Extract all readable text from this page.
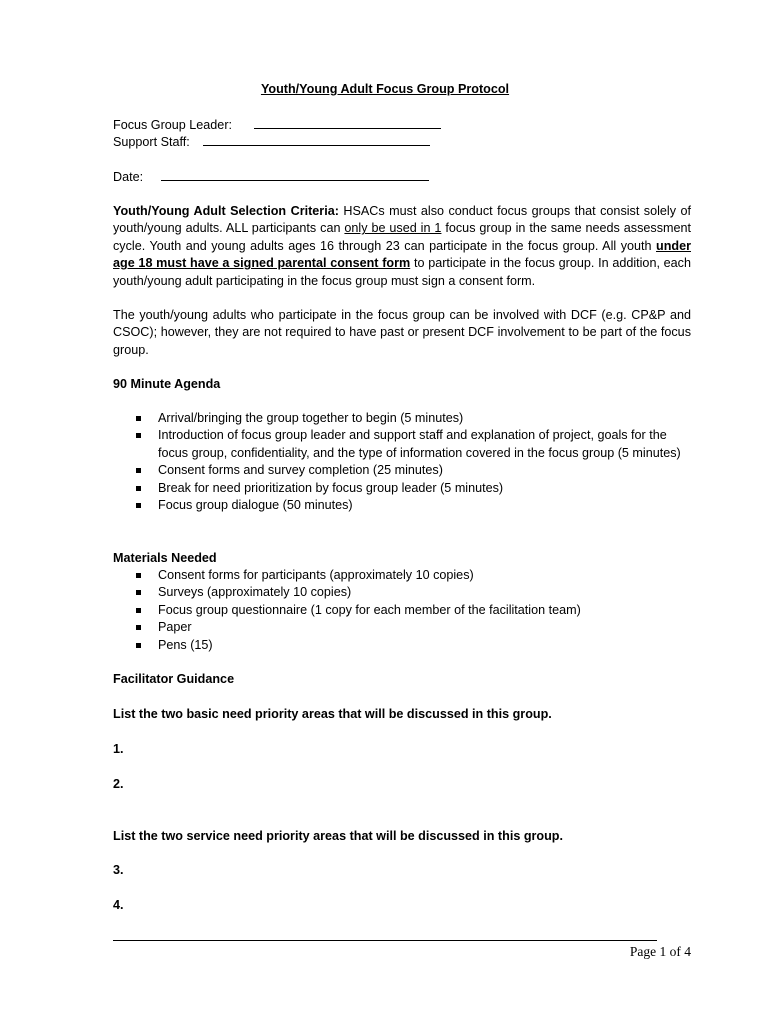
Youth/Young Adult Focus Group Protocol
Focus Group Leader:
Support Staff:
Date:
Youth/Young Adult Selection Criteria: HSACs must also conduct focus groups that consist solely of youth/young adults. ALL participants can only be used in 1 focus group in the same needs assessment cycle. Youth and young adults ages 16 through 23 can participate in the focus group. All youth under age 18 must have a signed parental consent form to participate in the focus group. In addition, each youth/young adult participating in the focus group must sign a consent form.
The youth/young adults who participate in the focus group can be involved with DCF (e.g. CP&P and CSOC); however, they are not required to have past or present DCF involvement to be part of the focus group.
90 Minute Agenda
Arrival/bringing the group together to begin (5 minutes)
Introduction of focus group leader and support staff and explanation of project, goals for the focus group, confidentiality, and the type of information covered in the focus group (5 minutes)
Consent forms and survey completion (25 minutes)
Break for need prioritization by focus group leader (5 minutes)
Focus group dialogue (50 minutes)
Materials Needed
Consent forms for participants (approximately 10 copies)
Surveys (approximately 10 copies)
Focus group questionnaire (1 copy for each member of the facilitation team)
Paper
Pens (15)
Facilitator Guidance
List the two basic need priority areas that will be discussed in this group.
1.
2.
List the two service need priority areas that will be discussed in this group.
3.
4.
Page 1 of 4
